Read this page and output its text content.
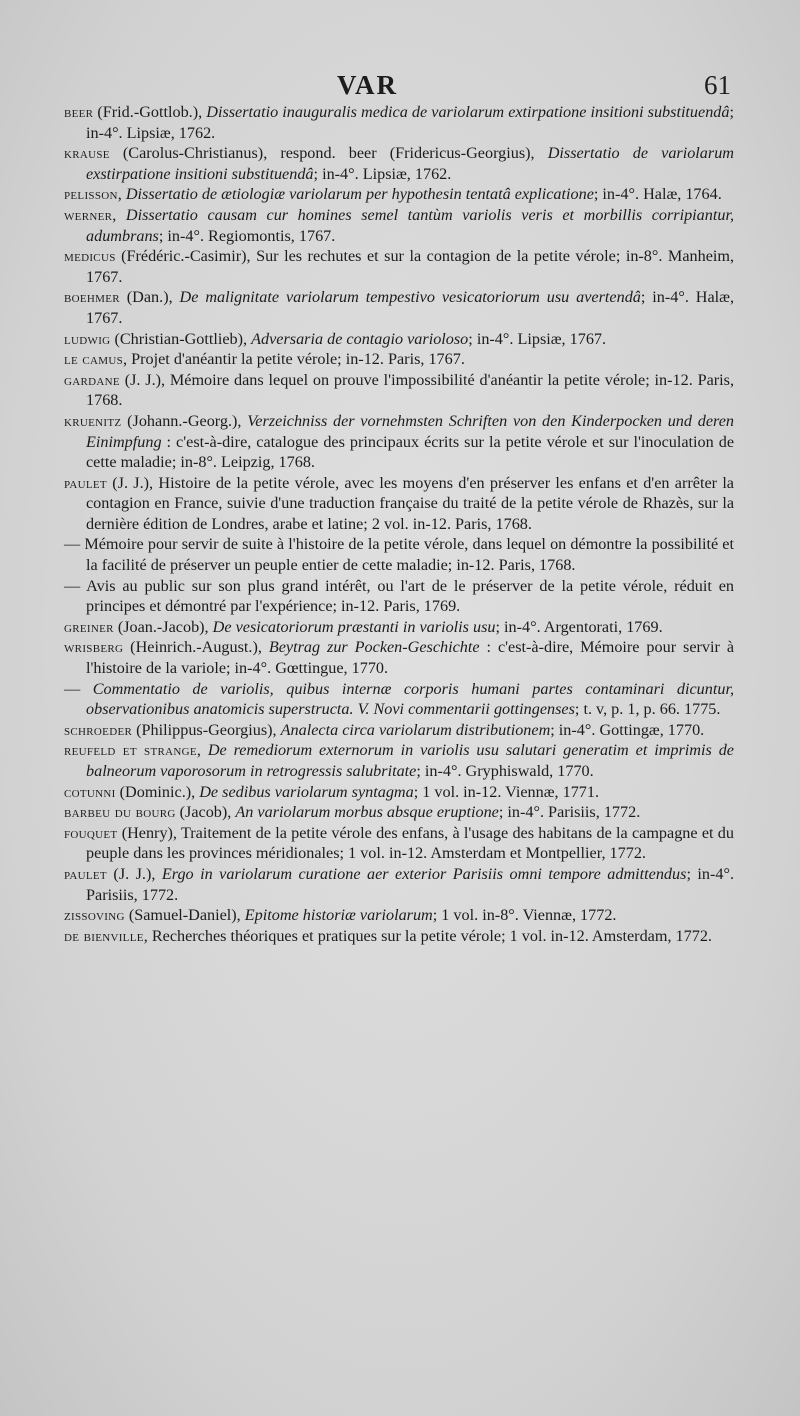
VAR	61
beer (Frid.-Gottlob.), Dissertatio inauguralis medica de variolarum extirpatione insitioni substituendâ; in-4°. Lipsiæ, 1762.
krause (Carolus-Christianus), respond. beer (Fridericus-Georgius), Dissertatio de variolarum exstirpatione insitioni substituendâ; in-4°. Lipsiæ, 1762.
pelisson, Dissertatio de ætiologiæ variolarum per hypothesin tentatâ explicatione; in-4°. Halæ, 1764.
werner, Dissertatio causam cur homines semel tantùm variolis veris et morbillis corripiantur, adumbrans; in-4°. Regiomontis, 1767.
medicus (Frédéric.-Casimir), Sur les rechutes et sur la contagion de la petite vérole; in-8°. Manheim, 1767.
boehmer (Dan.), De malignitate variolarum tempestivo vesicatoriorum usu avertendâ; in-4°. Halæ, 1767.
ludwig (Christian-Gottlieb), Adversaria de contagio varioloso; in-4°. Lipsiæ, 1767.
le camus, Projet d'anéantir la petite vérole; in-12. Paris, 1767.
gardane (J. J.), Mémoire dans lequel on prouve l'impossibilité d'anéantir la petite vérole; in-12. Paris, 1768.
kruenitz (Johann.-Georg.), Verzeichniss der vornehmsten Schriften von den Kinderpocken und deren Einimpfung : c'est-à-dire, catalogue des principaux écrits sur la petite vérole et sur l'inoculation de cette maladie; in-8°. Leipzig, 1768.
paulet (J. J.), Histoire de la petite vérole, avec les moyens d'en préserver les enfans et d'en arrêter la contagion en France, suivie d'une traduction française du traité de la petite vérole de Rhazès, sur la dernière édition de Londres, arabe et latine; 2 vol. in-12. Paris, 1768.
— Mémoire pour servir de suite à l'histoire de la petite vérole, dans lequel on démontre la possibilité et la facilité de préserver un peuple entier de cette maladie; in-12. Paris, 1768.
— Avis au public sur son plus grand intérêt, ou l'art de le préserver de la petite vérole, réduit en principes et démontré par l'expérience; in-12. Paris, 1769.
greiner (Joan.-Jacob), De vesicatoriorum præstanti in variolis usu; in-4°. Argentorati, 1769.
wrisberg (Heinrich.-August.), Beytrag zur Pocken-Geschichte : c'est-à-dire, Mémoire pour servir à l'histoire de la variole; in-4°. Gœttingue, 1770.
— Commentatio de variolis, quibus internæ corporis humani partes contaminari dicuntur, observationibus anatomicis superstructa. V. Novi commentarii gottingenses; t. v, p. 1, p. 66. 1775.
schroeder (Philippus-Georgius), Analecta circa variolarum distributionem; in-4°. Gottingæ, 1770.
reufeld et strange, De remediorum externorum in variolis usu salutari generatim et imprimis de balneorum vaporosorum in retrogressis salubritate; in-4°. Gryphiswald, 1770.
cotunni (Dominic.), De sedibus variolarum syntagma; 1 vol. in-12. Viennæ, 1771.
barbeu du bourg (Jacob), An variolarum morbus absque eruptione; in-4°. Parisiis, 1772.
fouquet (Henry), Traitement de la petite vérole des enfans, à l'usage des habitans de la campagne et du peuple dans les provinces méridionales; 1 vol. in-12. Amsterdam et Montpellier, 1772.
paulet (J. J.), Ergo in variolarum curatione aer exterior Parisiis omni tempore admittendus; in-4°. Parisiis, 1772.
zissoving (Samuel-Daniel), Epitome historiæ variolarum; 1 vol. in-8°. Viennæ, 1772.
de bienville, Recherches théoriques et pratiques sur la petite vérole; 1 vol. in-12. Amsterdam, 1772.
